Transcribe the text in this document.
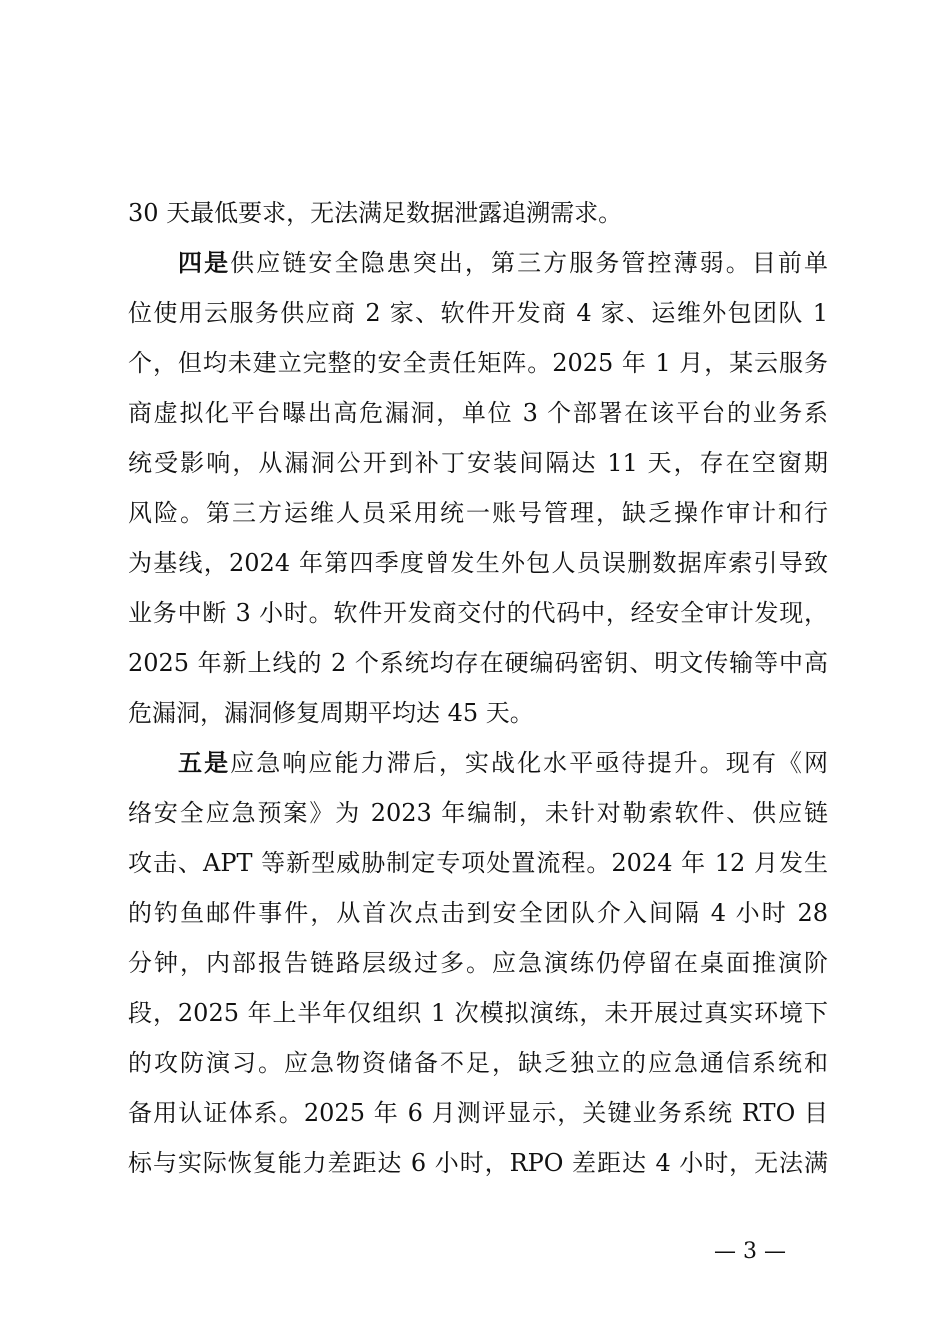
30 天最低要求，无法满足数据泄露追溯需求。
四是供应链安全隐患突出，第三方服务管控薄弱。目前单
位使用云服务供应商 2 家、软件开发商 4 家、运维外包团队 1
个，但均未建立完整的安全责任矩阵。2025 年 1 月，某云服务
商虚拟化平台曝出高危漏洞，单位 3 个部署在该平台的业务系
统受影响，从漏洞公开到补丁安装间隔达 11 天，存在空窗期
风险。第三方运维人员采用统一账号管理，缺乏操作审计和行
为基线，2024 年第四季度曾发生外包人员误删数据库索引导致
业务中断 3 小时。软件开发商交付的代码中，经安全审计发现，
2025 年新上线的 2 个系统均存在硬编码密钥、明文传输等中高
危漏洞，漏洞修复周期平均达 45 天。
五是应急响应能力滞后，实战化水平亟待提升。现有《网
络安全应急预案》为 2023 年编制，未针对勒索软件、供应链
攻击、APT 等新型威胁制定专项处置流程。2024 年 12 月发生
的钓鱼邮件事件，从首次点击到安全团队介入间隔 4 小时 28
分钟，内部报告链路层级过多。应急演练仍停留在桌面推演阶
段，2025 年上半年仅组织 1 次模拟演练，未开展过真实环境下
的攻防演习。应急物资储备不足，缺乏独立的应急通信系统和
备用认证体系。2025 年 6 月测评显示，关键业务系统 RTO 目
标与实际恢复能力差距达 6 小时，RPO 差距达 4 小时，无法满
— 3 —
